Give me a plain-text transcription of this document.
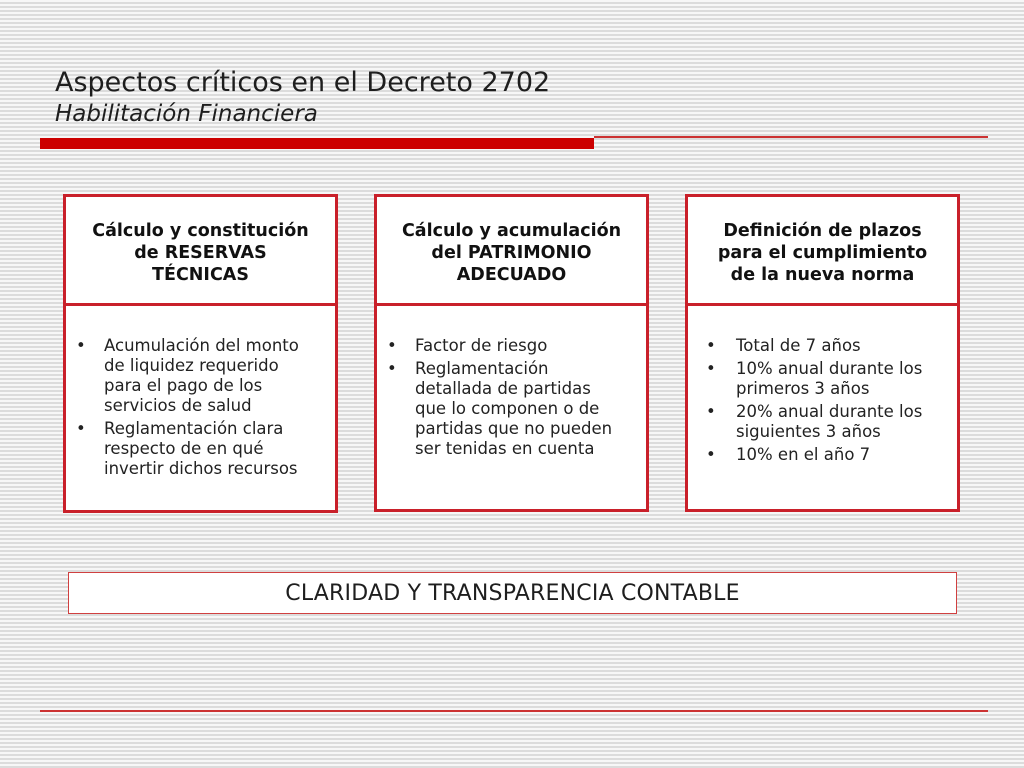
Aspectos críticos en el Decreto 2702
Habilitación Financiera
Cálculo y constitución
de RESERVAS
TÉCNICAS
• Acumulación del monto
de liquidez requerido
para el pago de los
servicios de salud
• Reglamentación clara
respecto de en qué
invertir dichos recursos
Cálculo y acumulación
del PATRIMONIO
ADECUADO
• Factor de riesgo
• Reglamentación
detallada de partidas
que lo componen o de
partidas que no pueden
ser tenidas en cuenta
Definición de plazos
para el cumplimiento
de la nueva norma
• Total de 7 años
• 10% anual durante los
primeros 3 años
• 20% anual durante los
siguientes 3 años
• 10% en el año 7
CLARIDAD Y TRANSPARENCIA CONTABLE
